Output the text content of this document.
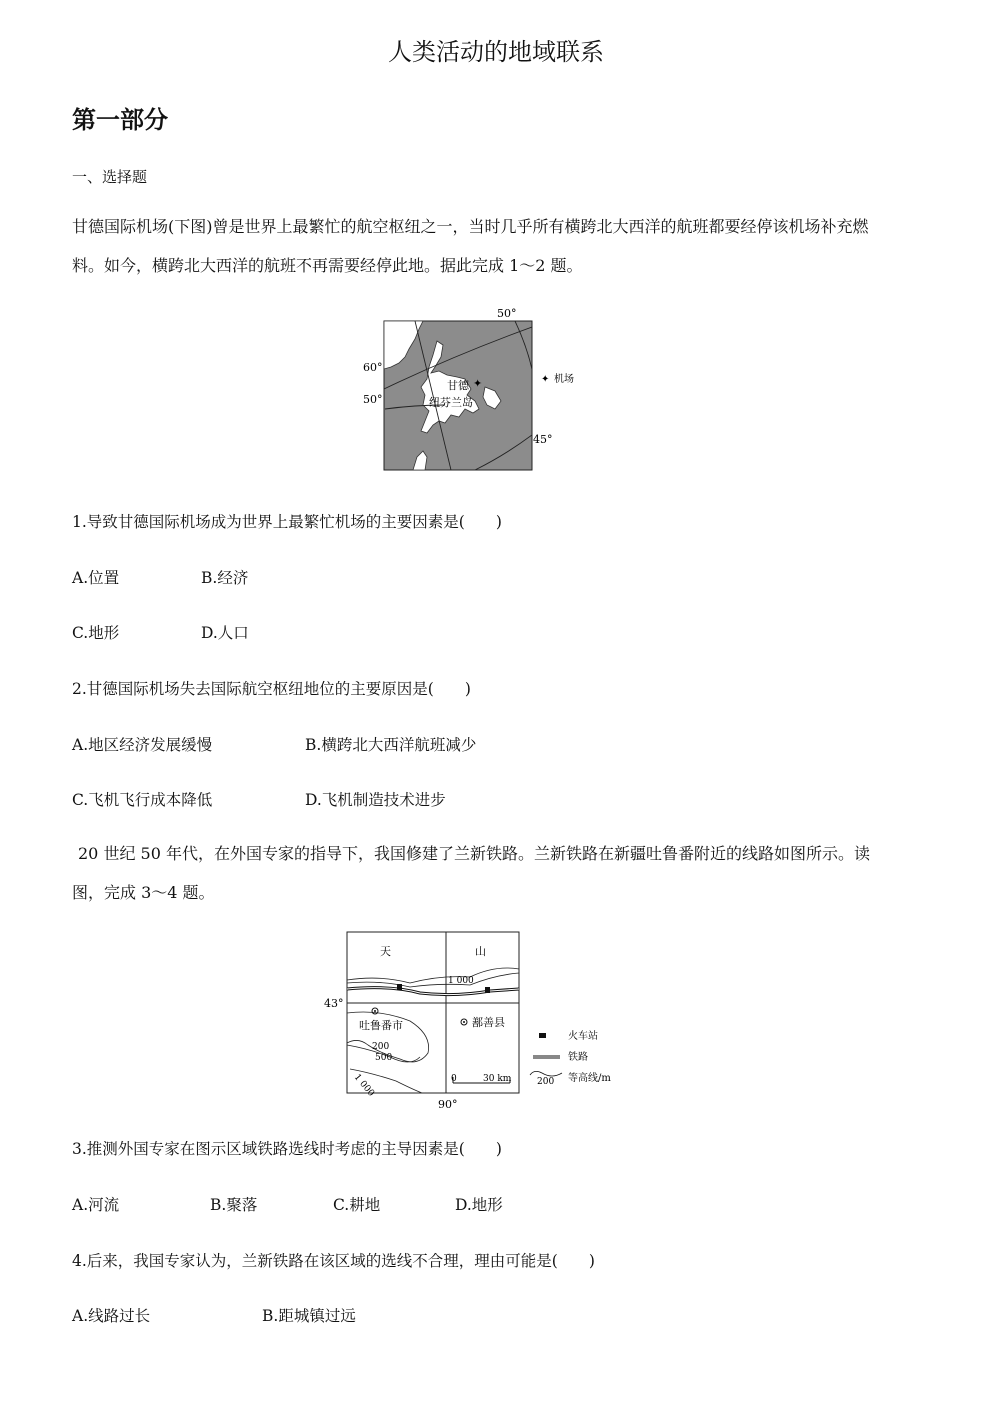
人类活动的地域联系
第一部分
一、选择题
甘德国际机场(下图)曾是世界上最繁忙的航空枢纽之一，当时几乎所有横跨北大西洋的航班都要经停该机场补充燃料。如今，横跨北大西洋的航班不再需要经停此地。据此完成 1～2 题。
50°
60°
50°
45°
甘德 ✦
纽芬兰岛
✦ 机场
1.导致甘德国际机场成为世界上最繁忙机场的主要因素是(　　)
A.位置	B.经济
C.地形	D.人口
2.甘德国际机场失去国际航空枢纽地位的主要原因是(　　)
A.地区经济发展缓慢	B.横跨北大西洋航班减少
C.飞机飞行成本降低	D.飞机制造技术进步
20 世纪 50 年代，在外国专家的指导下，我国修建了兰新铁路。兰新铁路在新疆吐鲁番附近的线路如图所示。读图，完成 3～4 题。
天	山
1 000
43°
吐鲁番市	鄯善县
200
500
1 000	0	30 km
90°
火车站
铁路
200 等高线/m
3.推测外国专家在图示区域铁路选线时考虑的主导因素是(　　)
A.河流	B.聚落	C.耕地	D.地形
4.后来，我国专家认为，兰新铁路在该区域的选线不合理，理由可能是(　　)
A.线路过长	B.距城镇过远
